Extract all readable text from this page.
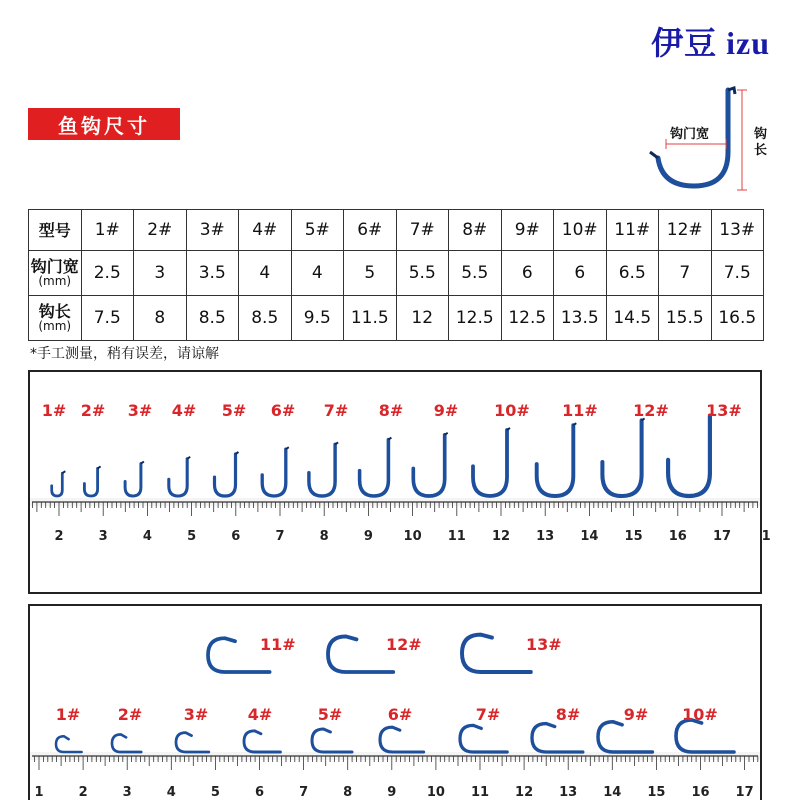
伊豆 izu
鱼钩尺寸	钩门宽	钩
长
型号	1#	2#	3#	4#	5#	6#	7#	8#	9#	10#	11#	12#	13#
钩门宽
(mm)	2.5	3	3.5	4	4	5	5.5	5.5	6	6	6.5	7	7.5
钩长
(mm)	7.5	8	8.5	8.5	9.5	11.5	12	12.5	12.5	13.5	14.5	15.5	16.5
*手工测量，稍有误差，请谅解
2	3	4	5	6	7	8	9 10 11 12 13 14 15 16 17 1
1# 2# 3# 4# 5# 6# 7# 8# 9# 10# 11# 12# 13#
1	2	3	4	5	6	7	8	9 10 11 12 13 14 15 16 17
11#	12#	13#
1# 2#	3# 4#	5#	6#	7#	8#	9# 10#
